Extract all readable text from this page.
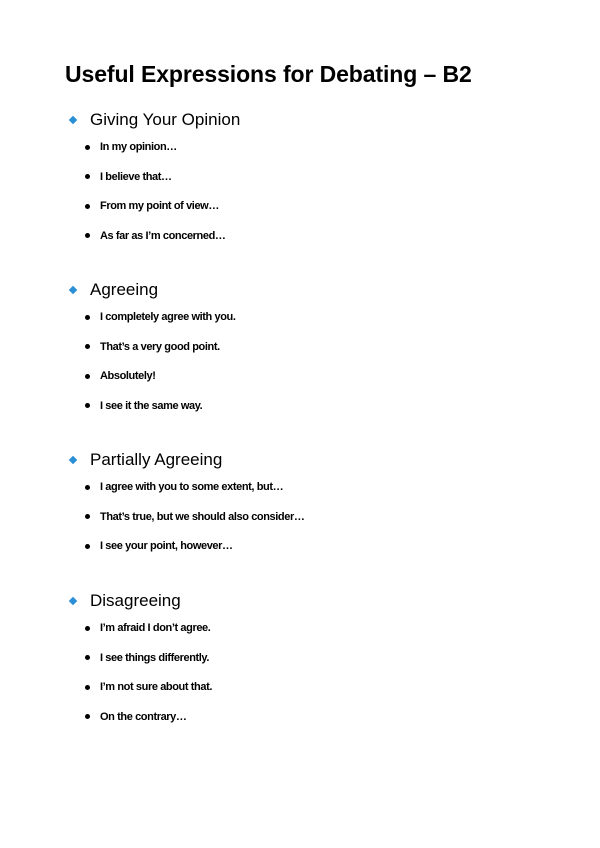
Useful Expressions for Debating – B2
Giving Your Opinion
In my opinion…
I believe that…
From my point of view…
As far as I’m concerned…
Agreeing
I completely agree with you.
That’s a very good point.
Absolutely!
I see it the same way.
Partially Agreeing
I agree with you to some extent, but…
That’s true, but we should also consider…
I see your point, however…
Disagreeing
I’m afraid I don’t agree.
I see things differently.
I’m not sure about that.
On the contrary…
